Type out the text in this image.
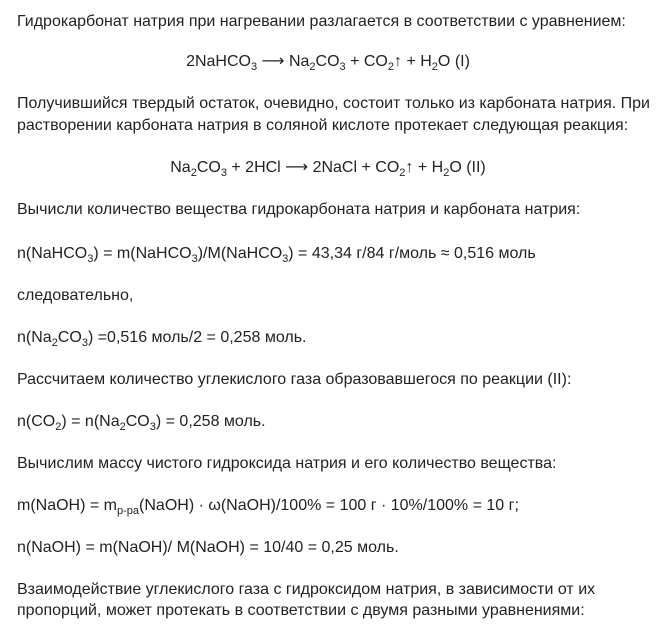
Гидрокарбонат натрия при нагревании разлагается в соответствии с уравнением:
2NaHCO$_3$ ⟶ $Na_2CO_3$ + $CO_2↑ + H_2O$ (I)
Получившийся твердый остаток, очевидно, состоит только из карбоната натрия. При
растворении карбоната натрия в соляной кислоте протекает следующая реакция:
$Na_2CO_3 + 2HCl$ ⟶ 2NaCl + $CO_2↑ + H_2O$ (II)
Вычисли количество вещества гидрокарбоната натрия и карбоната натрия:
n(NaHCO$_3$) = m(NaHCO$_3$)/M(NaHCO$_3$) = 43,34 г/84 г/моль ≈ 0,516 моль
следовательно,
$n(Na_2CO_3) =0,516$ моль/2 = 0,258 моль.
Рассчитаем количество углекислого газа образовавшегося по реакции (II):
$n(CO_2) = n(Na_2CO_3) = 0,258$ моль.
Вычислим массу чистого гидроксида натрия и его количество вещества:
m(NaOH) = $m_{р-ра}(NaOH)$ · ω(NaOH)/100% = 100 г · 10%/100% = 10 г;
n(NaOH) = m(NaOH)/ M(NaOH) = 10/40 = 0,25 моль.
Взаимодействие углекислого газа с гидроксидом натрия, в зависимости от их
пропорций, может протекать в соответствии с двумя разными уравнениями:
